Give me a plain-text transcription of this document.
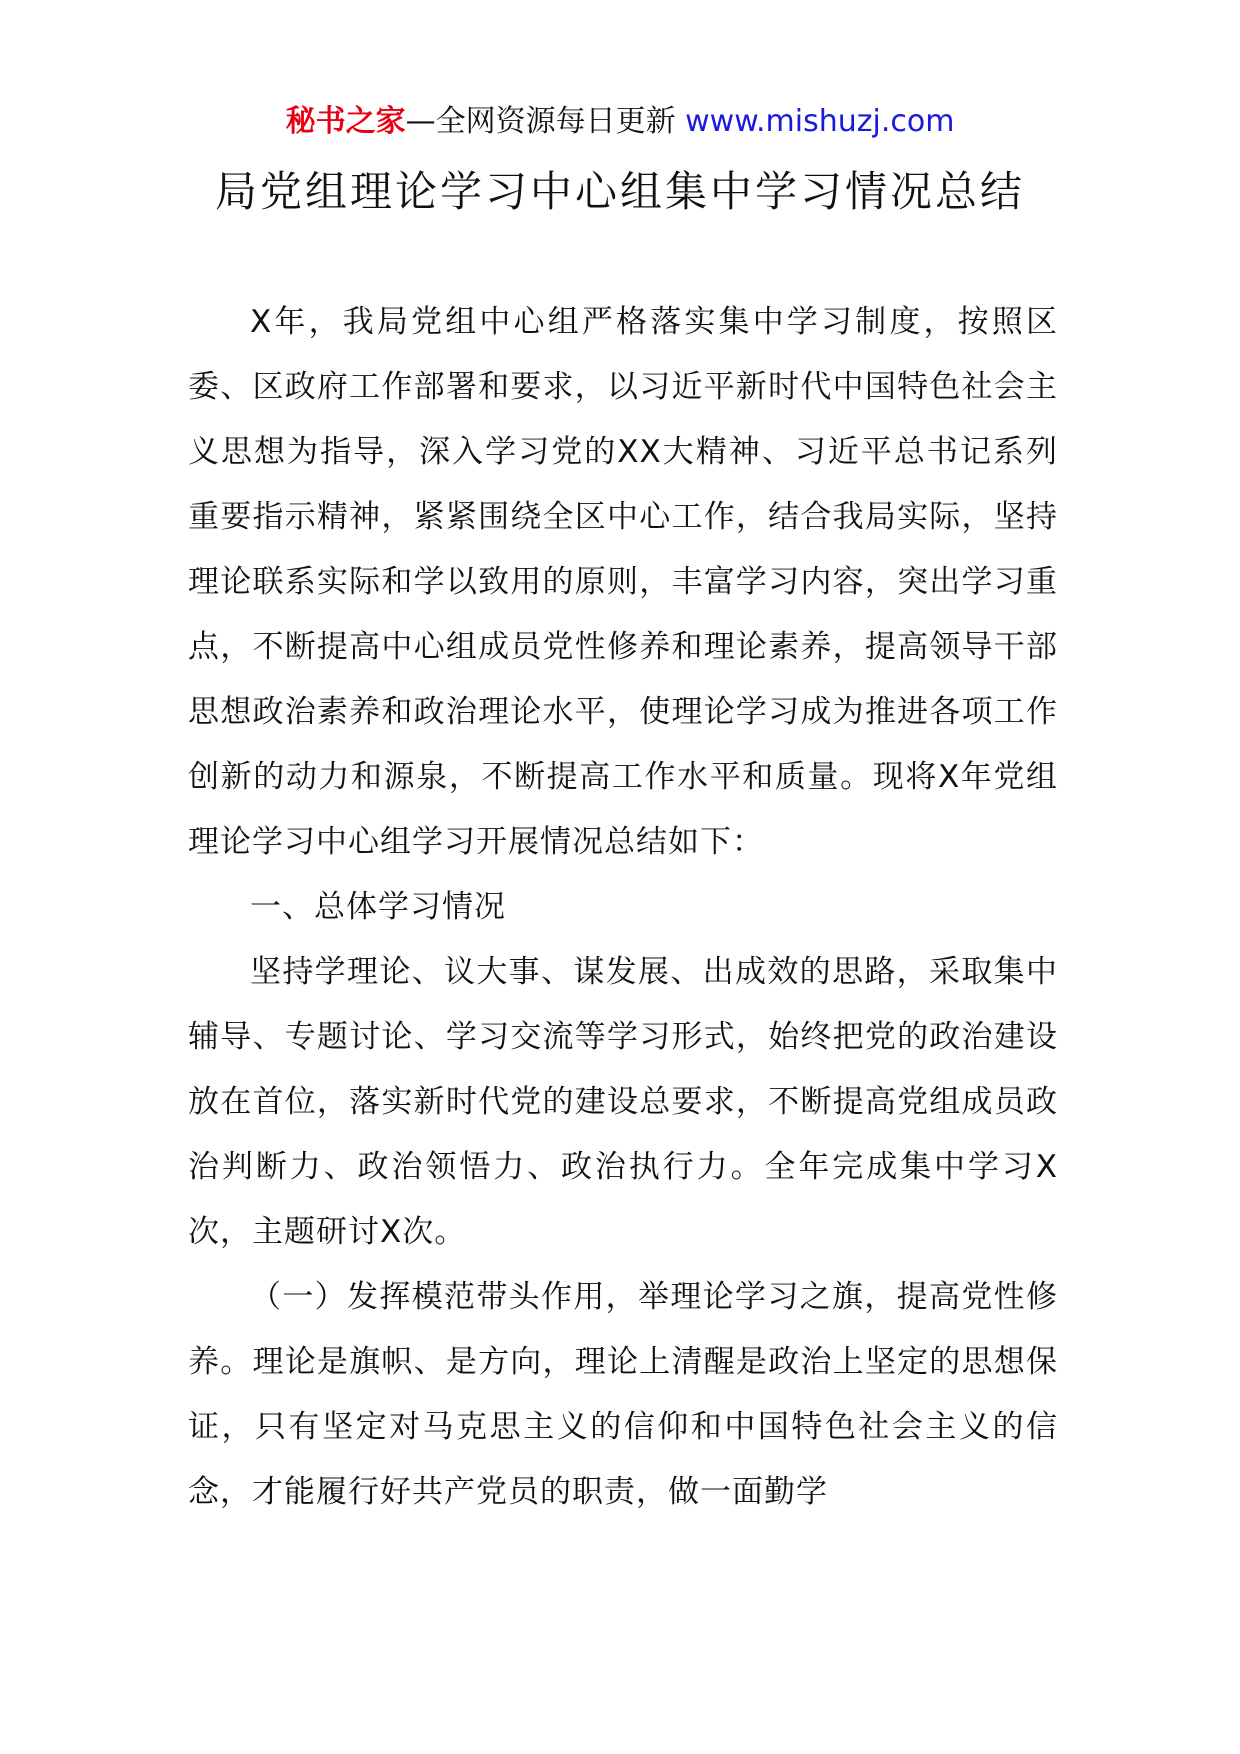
秘书之家—全网资源每日更新 www.mishuzj.com
局党组理论学习中心组集中学习情况总结

X年，我局党组中心组严格落实集中学习制度，按照区委、区政府工作部署和要求，以习近平新时代中国特色社会主义思想为指导，深入学习党的XX大精神、习近平总书记系列重要指示精神，紧紧围绕全区中心工作，结合我局实际，坚持理论联系实际和学以致用的原则，丰富学习内容，突出学习重点，不断提高中心组成员党性修养和理论素养，提高领导干部思想政治素养和政治理论水平，使理论学习成为推进各项工作创新的动力和源泉，不断提高工作水平和质量。现将X年党组理论学习中心组学习开展情况总结如下：

一、总体学习情况

坚持学理论、议大事、谋发展、出成效的思路，采取集中辅导、专题讨论、学习交流等学习形式，始终把党的政治建设放在首位，落实新时代党的建设总要求，不断提高党组成员政治判断力、政治领悟力、政治执行力。全年完成集中学习X次，主题研讨X次。

（一）发挥模范带头作用，举理论学习之旗，提高党性修养。理论是旗帜、是方向，理论上清醒是政治上坚定的思想保证，只有坚定对马克思主义的信仰和中国特色社会主义的信念，才能履行好共产党员的职责，做一面勤学
